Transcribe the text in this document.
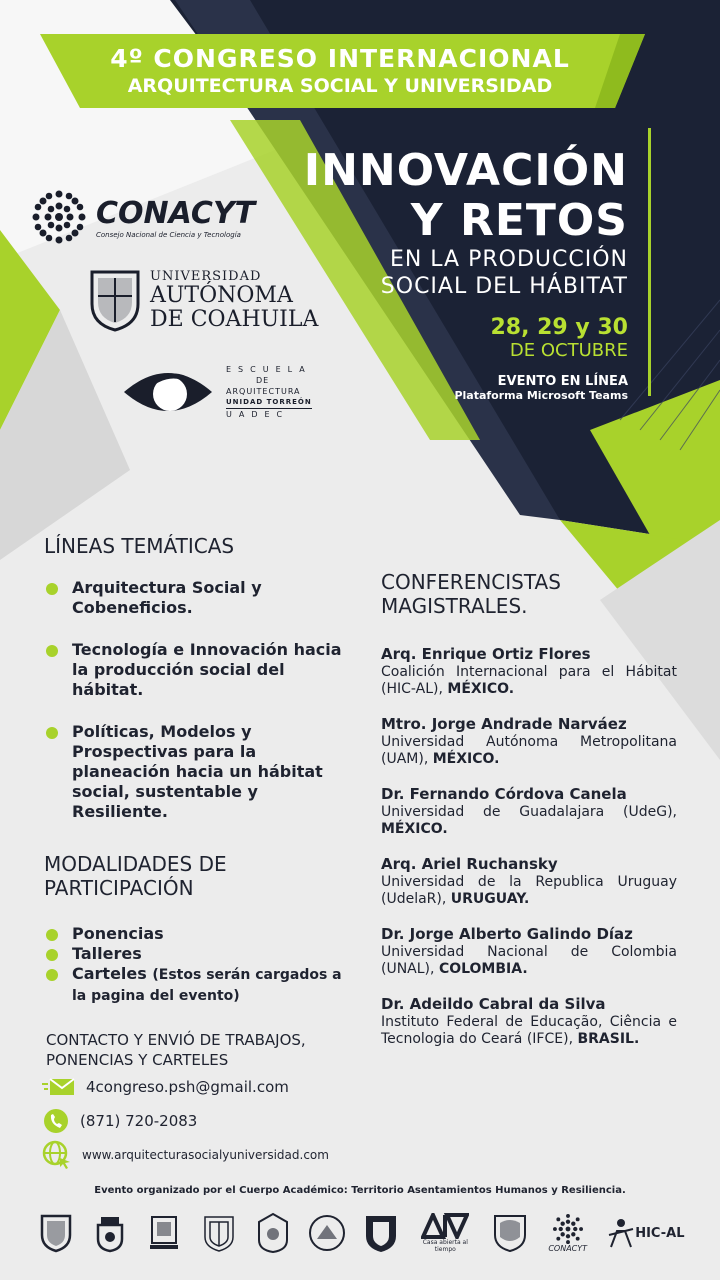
4º CONGRESO INTERNACIONAL
ARQUITECTURA SOCIAL Y UNIVERSIDAD
INNOVACIÓN
Y RETOS
EN LA PRODUCCIÓN
SOCIAL DEL HÁBITAT
28, 29 y 30
DE OCTUBRE
EVENTO EN LÍNEA
Plataforma Microsoft Teams
CONACYT
Consejo Nacional de Ciencia y Tecnología
UNIVERSIDAD
AUTÓNOMA
DE COAHUILA
ESCUELA
DE
ARQUITECTURA
UNIDAD TORREÓN
UADEC
LÍNEAS TEMÁTICAS
Arquitectura Social y Cobeneficios.
Tecnología e Innovación hacia la producción social del hábitat.
Políticas, Modelos y Prospectivas para la planeación hacia un hábitat social, sustentable y Resiliente.
MODALIDADES DE
PARTICIPACIÓN
Ponencias
Talleres
Carteles (Estos serán cargados a la pagina del evento)
CONTACTO Y ENVIÓ DE TRABAJOS,
PONENCIAS Y CARTELES
4congreso.psh@gmail.com
(871) 720-2083
www.arquitecturasocialyuniversidad.com
CONFERENCISTAS
MAGISTRALES.
Arq. Enrique Ortiz Flores
Coalición Internacional para el Hábitat (HIC-AL), MÉXICO.
Mtro. Jorge Andrade Narváez
Universidad Autónoma Metropolitana (UAM), MÉXICO.
Dr. Fernando Córdova Canela
Universidad de Guadalajara (UdeG), MÉXICO.
Arq. Ariel Ruchansky
Universidad de la Republica Uruguay (UdelaR), URUGUAY.
Dr. Jorge Alberto Galindo Díaz
Universidad Nacional de Colombia (UNAL), COLOMBIA.
Dr. Adeildo Cabral da Silva
Instituto Federal de Educação, Ciência e Tecnologia do Ceará (IFCE), BRASIL.
Evento organizado por el Cuerpo Académico: Territorio Asentamientos Humanos y Resiliencia.
Casa abierta al tiempo	CONACYT
HIC-AL
